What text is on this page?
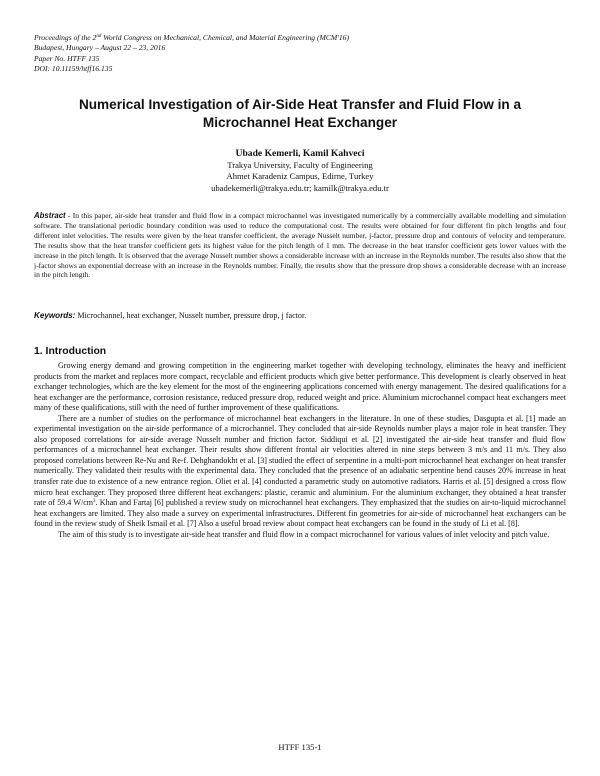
Proceedings of the 2nd World Congress on Mechanical, Chemical, and Material Engineering (MCM'16)
Budapest, Hungary – August 22 – 23, 2016
Paper No. HTFF 135
DOI: 10.11159/htff16.135
Numerical Investigation of Air-Side Heat Transfer and Fluid Flow in a Microchannel Heat Exchanger
Ubade Kemerli, Kamil Kahveci
Trakya University, Faculty of Engineering
Ahmet Karadeniz Campus, Edirne, Turkey
ubadekemerli@trakya.edu.tr; kamilk@trakya.edu.tr
Abstract - In this paper, air-side heat transfer and fluid flow in a compact microchannel was investigated numerically by a commercially available modelling and simulation software. The translational periodic boundary condition was used to reduce the computational cost. The results were obtained for four different fin pitch lengths and four different inlet velocities. The results were given by the heat transfer coefficient, the average Nusselt number, j-factor, pressure drop and contours of velocity and temperature. The results show that the heat transfer coefficient gets its highest value for the pitch length of 1 mm. The decrease in the heat transfer coefficient gets lower values with the increase in the pitch length. It is observed that the average Nusselt number shows a considerable increase with an increase in the Reynolds number. The results also show that the j-factor shows an exponential decrease with an increase in the Reynolds number. Finally, the results show that the pressure drop shows a considerable decrease with an increase in the pitch length.
Keywords: Microchannel, heat exchanger, Nusselt number, pressure drop, j factor.
1. Introduction

Growing energy demand and growing competition in the engineering market together with developing technology, eliminates the heavy and inefficient products from the market and replaces more compact, recyclable and efficient products which give better performance. This development is clearly observed in heat exchanger technologies, which are the key element for the most of the engineering applications concerned with energy management. The desired qualifications for a heat exchanger are the performance, corrosion resistance, reduced pressure drop, reduced weight and price. Aluminium microchannel compact heat exchangers meet many of these qualifications, still with the need of further improvement of these qualifications.

There are a number of studies on the performance of microchannel heat exchangers in the literature. In one of these studies, Dasgupta et al. [1] made an experimental investigation on the air-side performance of a microchannel. They concluded that air-side Reynolds number plays a major role in heat transfer. They also proposed correlations for air-side average Nusselt number and friction factor. Siddiqui et al. [2] investigated the air-side heat transfer and fluid flow performances of a microchannel heat exchanger. Their results show different frontal air velocities altered in nine steps between 3 m/s and 11 m/s. They also proposed correlations between Re-Nu and Re-f. Dehghandokht et al. [3] studied the effect of serpentine in a multi-port microchannel heat exchanger on heat transfer numerically. They validated their results with the experimental data. They concluded that the presence of an adiabatic serpentine bend causes 20% increase in heat transfer rate due to existence of a new entrance region. Oliet et al. [4] conducted a parametric study on automotive radiators. Harris et al. [5] designed a cross flow micro heat exchanger. They proposed three different heat exchangers: plastic, ceramic and aluminium. For the aluminium exchanger, they obtained a heat transfer rate of 59.4 $W/cm^3$. Khan and Fartaj [6] published a review study on microchannel heat exchangers. They emphasized that the studies on air-to-liquid microchannel heat exchangers are limited. They also made a survey on experimental infrastructures. Different fin geometries for air-side of microchannel heat exchangers can be found in the review study of Sheik Ismail et al. [7] Also a useful broad review about compact heat exchangers can be found in the study of Li et al. [8].

The aim of this study is to investigate air-side heat transfer and fluid flow in a compact microchannel for various values of inlet velocity and pitch value.

HTFF 135-1
